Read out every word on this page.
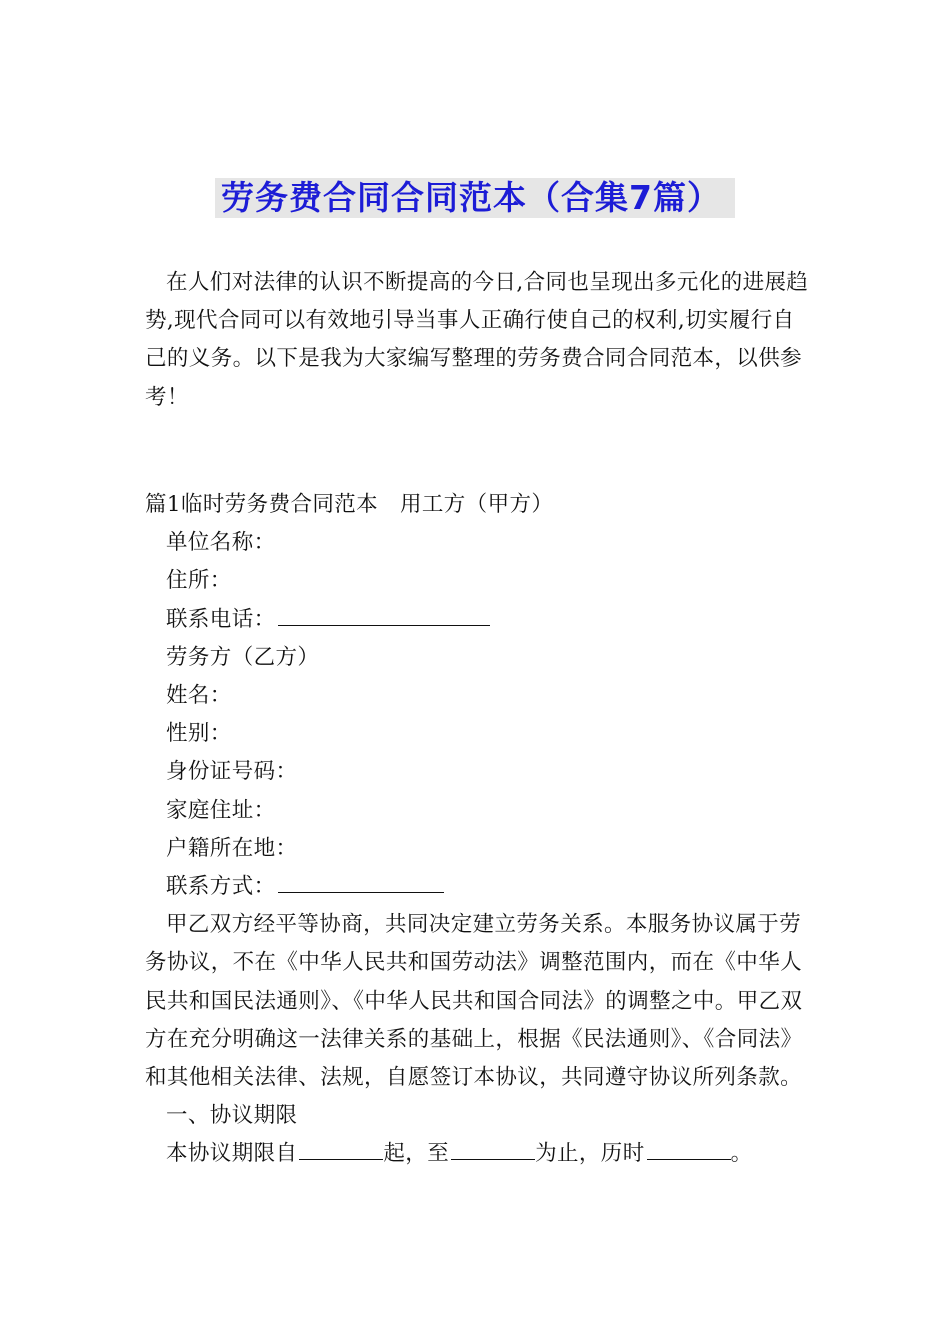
劳务费合同合同范本（合集7篇）

在人们对法律的认识不断提高的今日,合同也呈现出多元化的进展趋势,现代合同可以有效地引导当事人正确行使自己的权利,切实履行自己的义务。以下是我为大家编写整理的劳务费合同合同范本，以供参考！

篇1临时劳务费合同范本　用工方（甲方）

单位名称：

住所：

联系电话：

劳务方（乙方）

姓名：

性别：

身份证号码：

家庭住址：

户籍所在地：

联系方式：

甲乙双方经平等协商，共同决定建立劳务关系。本服务协议属于劳务协议，不在《中华人民共和国劳动法》调整范围内，而在《中华人民共和国民法通则》、《中华人民共和国合同法》的调整之中。甲乙双方在充分明确这一法律关系的基础上，根据《民法通则》、《合同法》和其他相关法律、法规，自愿签订本协议，共同遵守协议所列条款。

一、协议期限

本协议期限自	起，至	为止，历时	。
